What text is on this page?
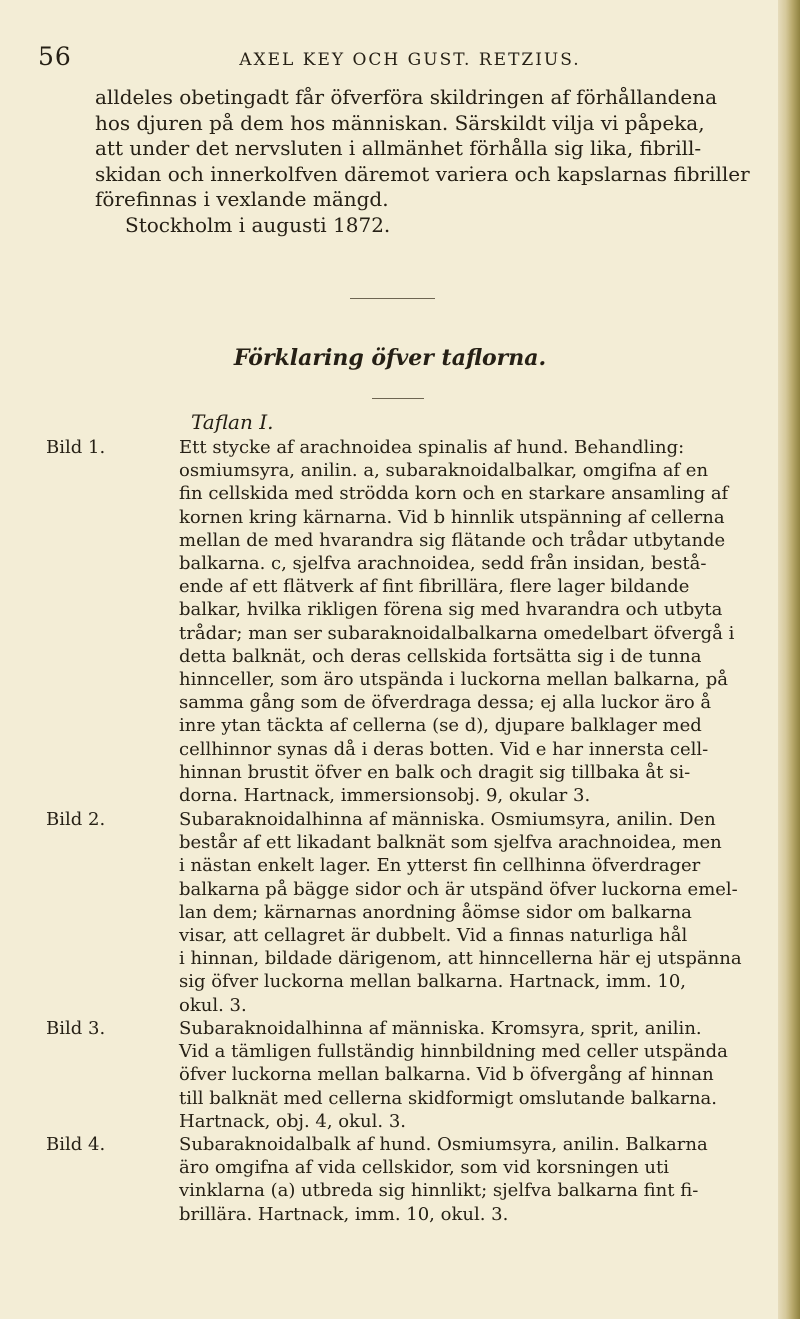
56	AXEL KEY OCH GUST. RETZIUS.
alldeles obetingadt får öfverföra skildringen af förhållandena
hos djuren på dem hos människan. Särskildt vilja vi påpeka,
att under det nervsluten i allmänhet förhålla sig lika, fibrill-
skidan och innerkolfven däremot variera och kapslarnas fibriller
förefinnas i vexlande mängd.
Stockholm i augusti 1872.
Förklaring öfver taflorna.
Taflan I.
Bild 1.	Ett stycke af arachnoidea spinalis af hund. Behandling:
osmiumsyra, anilin. a, subaraknoidalbalkar, omgifna af en
fin cellskida med strödda korn och en starkare ansamling af
kornen kring kärnarna. Vid b hinnlik utspänning af cellerna
mellan de med hvarandra sig flätande och trådar utbytande
balkarna. c, sjelfva arachnoidea, sedd från insidan, bestå-
ende af ett flätverk af fint fibrillära, flere lager bildande
balkar, hvilka rikligen förena sig med hvarandra och utbyta
trådar; man ser subaraknoidalbalkarna omedelbart öfvergå i
detta balknät, och deras cellskida fortsätta sig i de tunna
hinnceller, som äro utspända i luckorna mellan balkarna, på
samma gång som de öfverdraga dessa; ej alla luckor äro å
inre ytan täckta af cellerna (se d), djupare balklager med
cellhinnor synas då i deras botten. Vid e har innersta cell-
hinnan brustit öfver en balk och dragit sig tillbaka åt si-
dorna. Hartnack, immersionsobj. 9, okular 3.
Bild 2.	Subaraknoidalhinna af människa. Osmiumsyra, anilin. Den
består af ett likadant balknät som sjelfva arachnoidea, men
i nästan enkelt lager. En ytterst fin cellhinna öfverdrager
balkarna på bägge sidor och är utspänd öfver luckorna emel-
lan dem; kärnarnas anordning åömse sidor om balkarna
visar, att cellagret är dubbelt. Vid a finnas naturliga hål
i hinnan, bildade därigenom, att hinncellerna här ej utspänna
sig öfver luckorna mellan balkarna. Hartnack, imm. 10,
okul. 3.
Bild 3.	Subaraknoidalhinna af människa. Kromsyra, sprit, anilin.
Vid a tämligen fullständig hinnbildning med celler utspända
öfver luckorna mellan balkarna. Vid b öfvergång af hinnan
till balknät med cellerna skidformigt omslutande balkarna.
Hartnack, obj. 4, okul. 3.
Bild 4.	Subaraknoidalbalk af hund. Osmiumsyra, anilin. Balkarna
äro omgifna af vida cellskidor, som vid korsningen uti
vinklarna (a) utbreda sig hinnlikt; sjelfva balkarna fint fi-
brillära. Hartnack, imm. 10, okul. 3.
